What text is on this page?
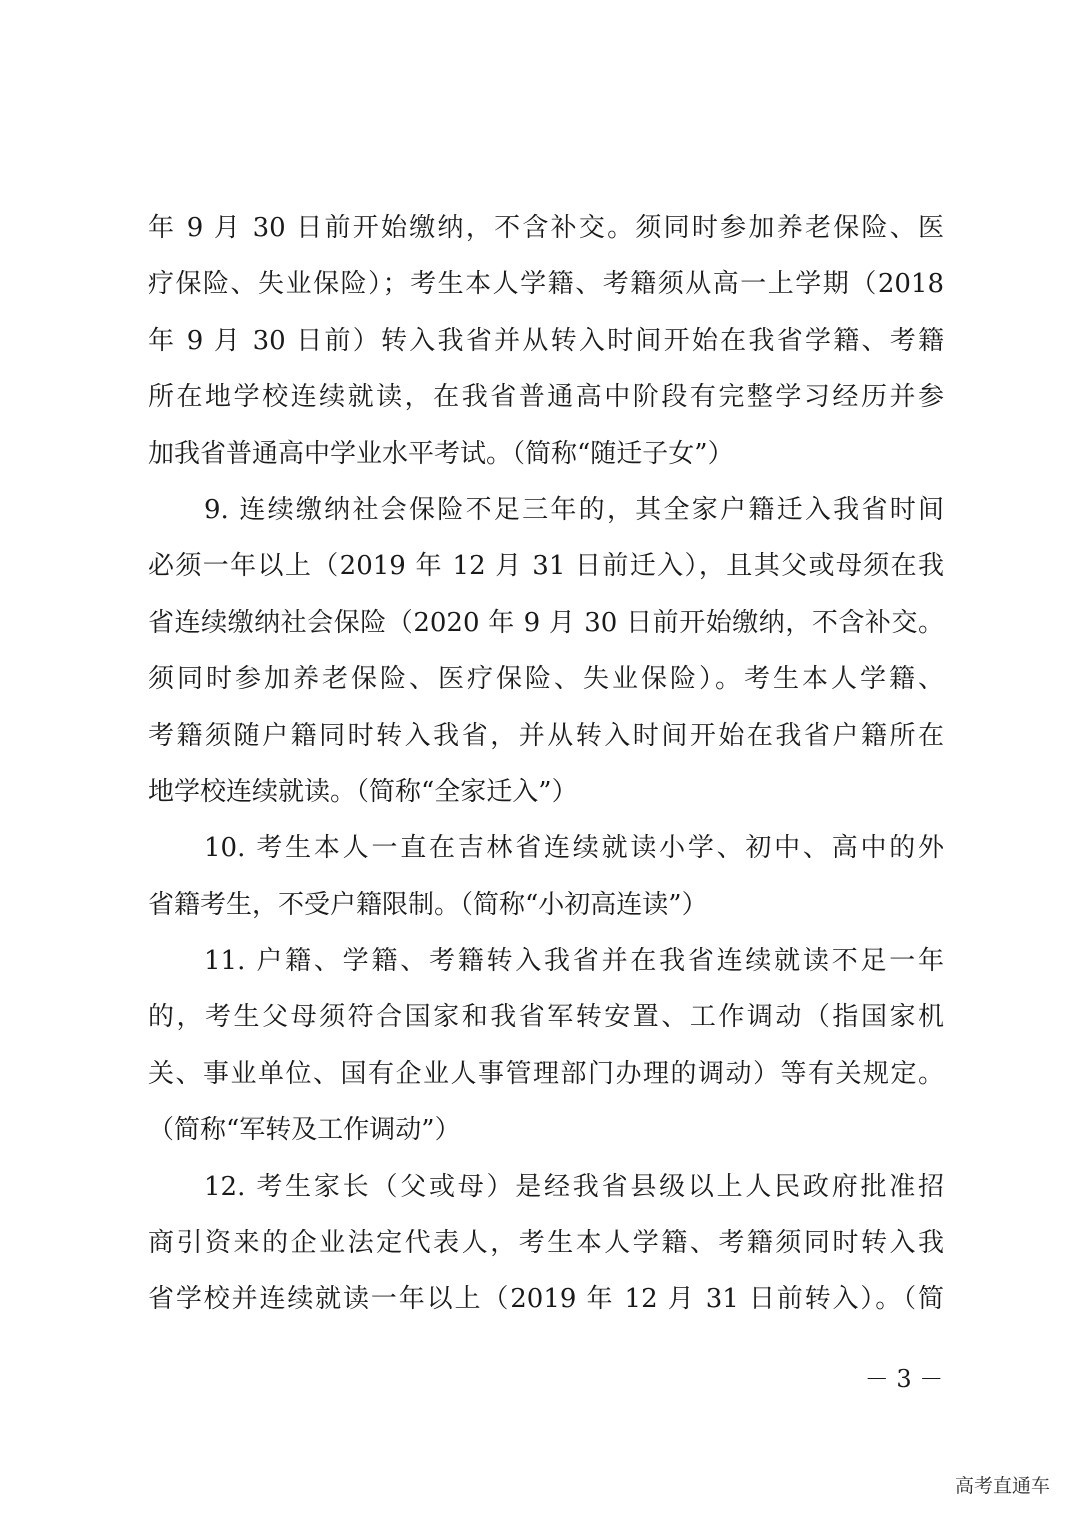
年 9 月 30 日前开始缴纳，不含补交。须同时参加养老保险、医
疗保险、失业保险）；考生本人学籍、考籍须从高一上学期（2018
年 9 月 30 日前）转入我省并从转入时间开始在我省学籍、考籍
所在地学校连续就读，在我省普通高中阶段有完整学习经历并参
加我省普通高中学业水平考试。（简称“随迁子女”）
9. 连续缴纳社会保险不足三年的，其全家户籍迁入我省时间
必须一年以上（2019 年 12 月 31 日前迁入），且其父或母须在我
省连续缴纳社会保险（2020 年 9 月 30 日前开始缴纳，不含补交。
须同时参加养老保险、医疗保险、失业保险）。考生本人学籍、
考籍须随户籍同时转入我省，并从转入时间开始在我省户籍所在
地学校连续就读。（简称“全家迁入”）
10. 考生本人一直在吉林省连续就读小学、初中、高中的外
省籍考生，不受户籍限制。（简称“小初高连读”）
11. 户籍、学籍、考籍转入我省并在我省连续就读不足一年
的，考生父母须符合国家和我省军转安置、工作调动（指国家机
关、事业单位、国有企业人事管理部门办理的调动）等有关规定。
（简称“军转及工作调动”）
12. 考生家长（父或母）是经我省县级以上人民政府批准招
商引资来的企业法定代表人，考生本人学籍、考籍须同时转入我
省学校并连续就读一年以上（2019 年 12 月 31 日前转入）。（简
－ 3 －
高考直通车
